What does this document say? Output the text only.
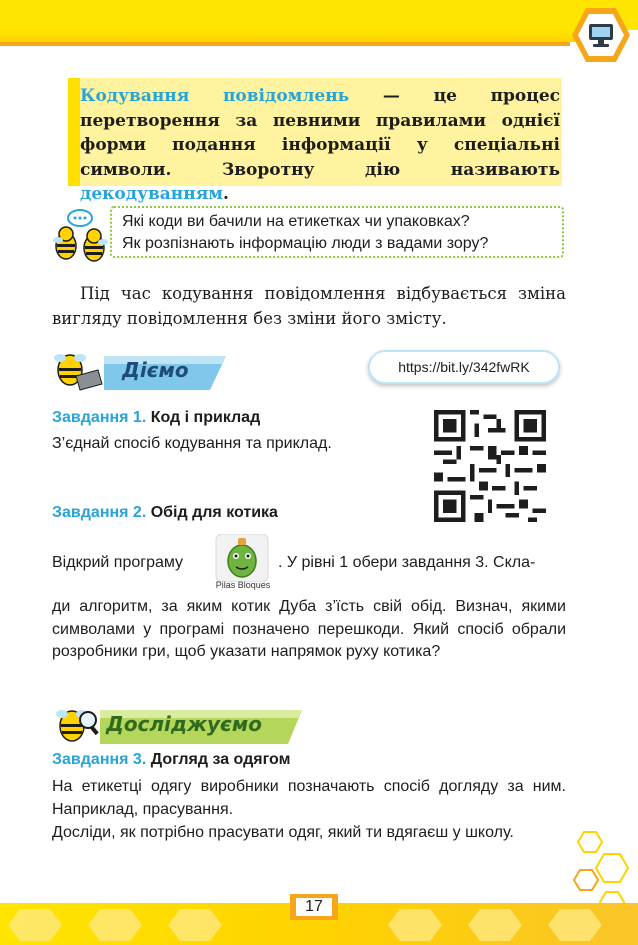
Кодування повідомлень — це процес перетворення за певними правилами однієї форми подання інформації у спеціальні символи. Зворотну дію називають декодуванням.
Які коди ви бачили на етикетках чи упаковках?
Як розпізнають інформацію люди з вадами зору?
Під час кодування повідомлення відбувається зміна вигляду повідомлення без зміни його змісту.
Діємо	https://bit.ly/342fwRK
Завдання 1. Код і приклад
З’єднай спосіб кодування та приклад.
Завдання 2. Обід для котика
Відкрий програму
Pilas Bloques
. У рівні 1 обери завдання 3. Скла-
ди алгоритм, за яким котик Дуба з’їсть свій обід. Визнач, якими символами у програмі позначено перешкоди. Який спосіб обрали розробники гри, щоб указати напрямок руху котика?
Досліджуємо
Завдання 3. Догляд за одягом
На етикетці одягу виробники позначають спосіб догляду за ним. Наприклад, прасування.
Досліди, як потрібно прасувати одяг, який ти вдягаєш у школу.
17
